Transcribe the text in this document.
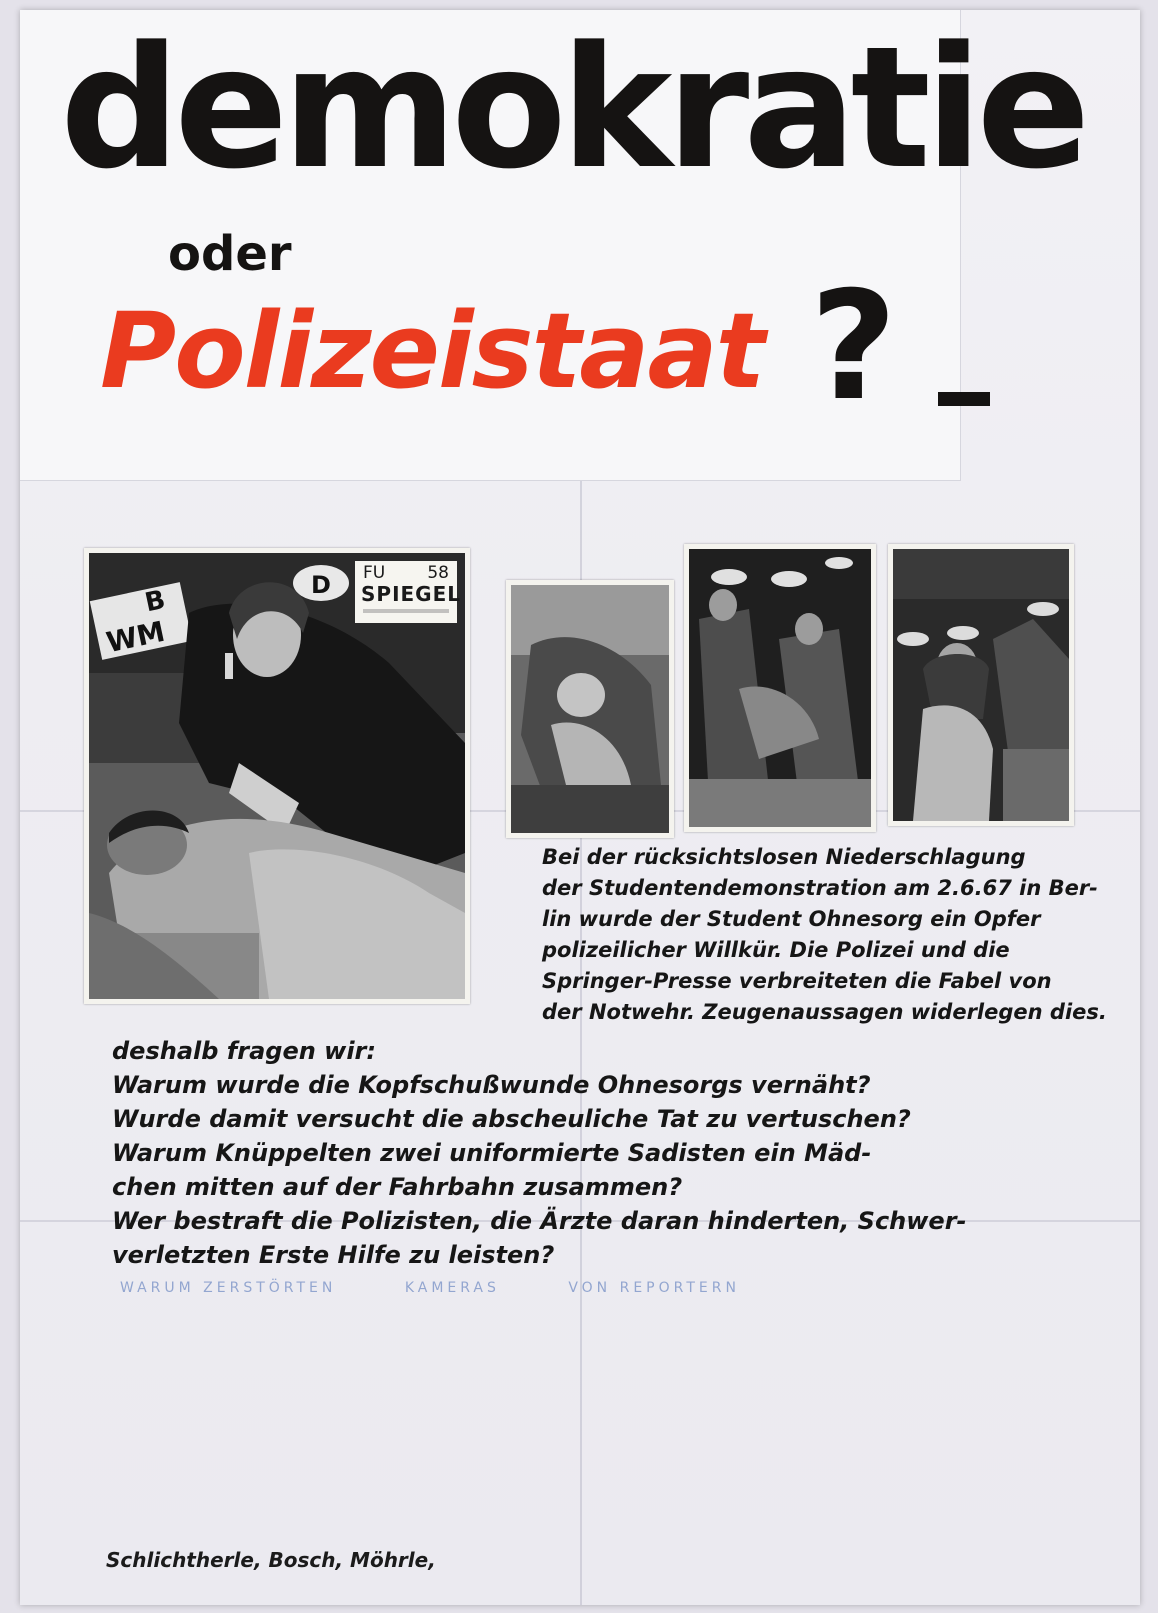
demokratie
oder
Polizeistaat ?
B
WM
D FU 58
SPIEGEL
Bei der rücksichtslosen Niederschlagung
der Studentendemonstration am 2.6.67 in Ber-
lin wurde der Student Ohnesorg ein Opfer
polizeilicher Willkür. Die Polizei und die
Springer-Presse verbreiteten die Fabel von
der Notwehr. Zeugenaussagen widerlegen dies.
deshalb fragen wir:
Warum wurde die Kopfschußwunde Ohnesorgs vernäht?
Wurde damit versucht die abscheuliche Tat zu vertuschen?
Warum Knüppelten zwei uniformierte Sadisten ein Mäd-
chen mitten auf der Fahrbahn zusammen?
Wer bestraft die Polizisten, die Ärzte daran hinderten, Schwer-
verletzten Erste Hilfe zu leisten?
WARUM ZERSTÖRTEN	KAMERAS	VON REPORTERN
Schlichtherle, Bosch, Möhrle,
